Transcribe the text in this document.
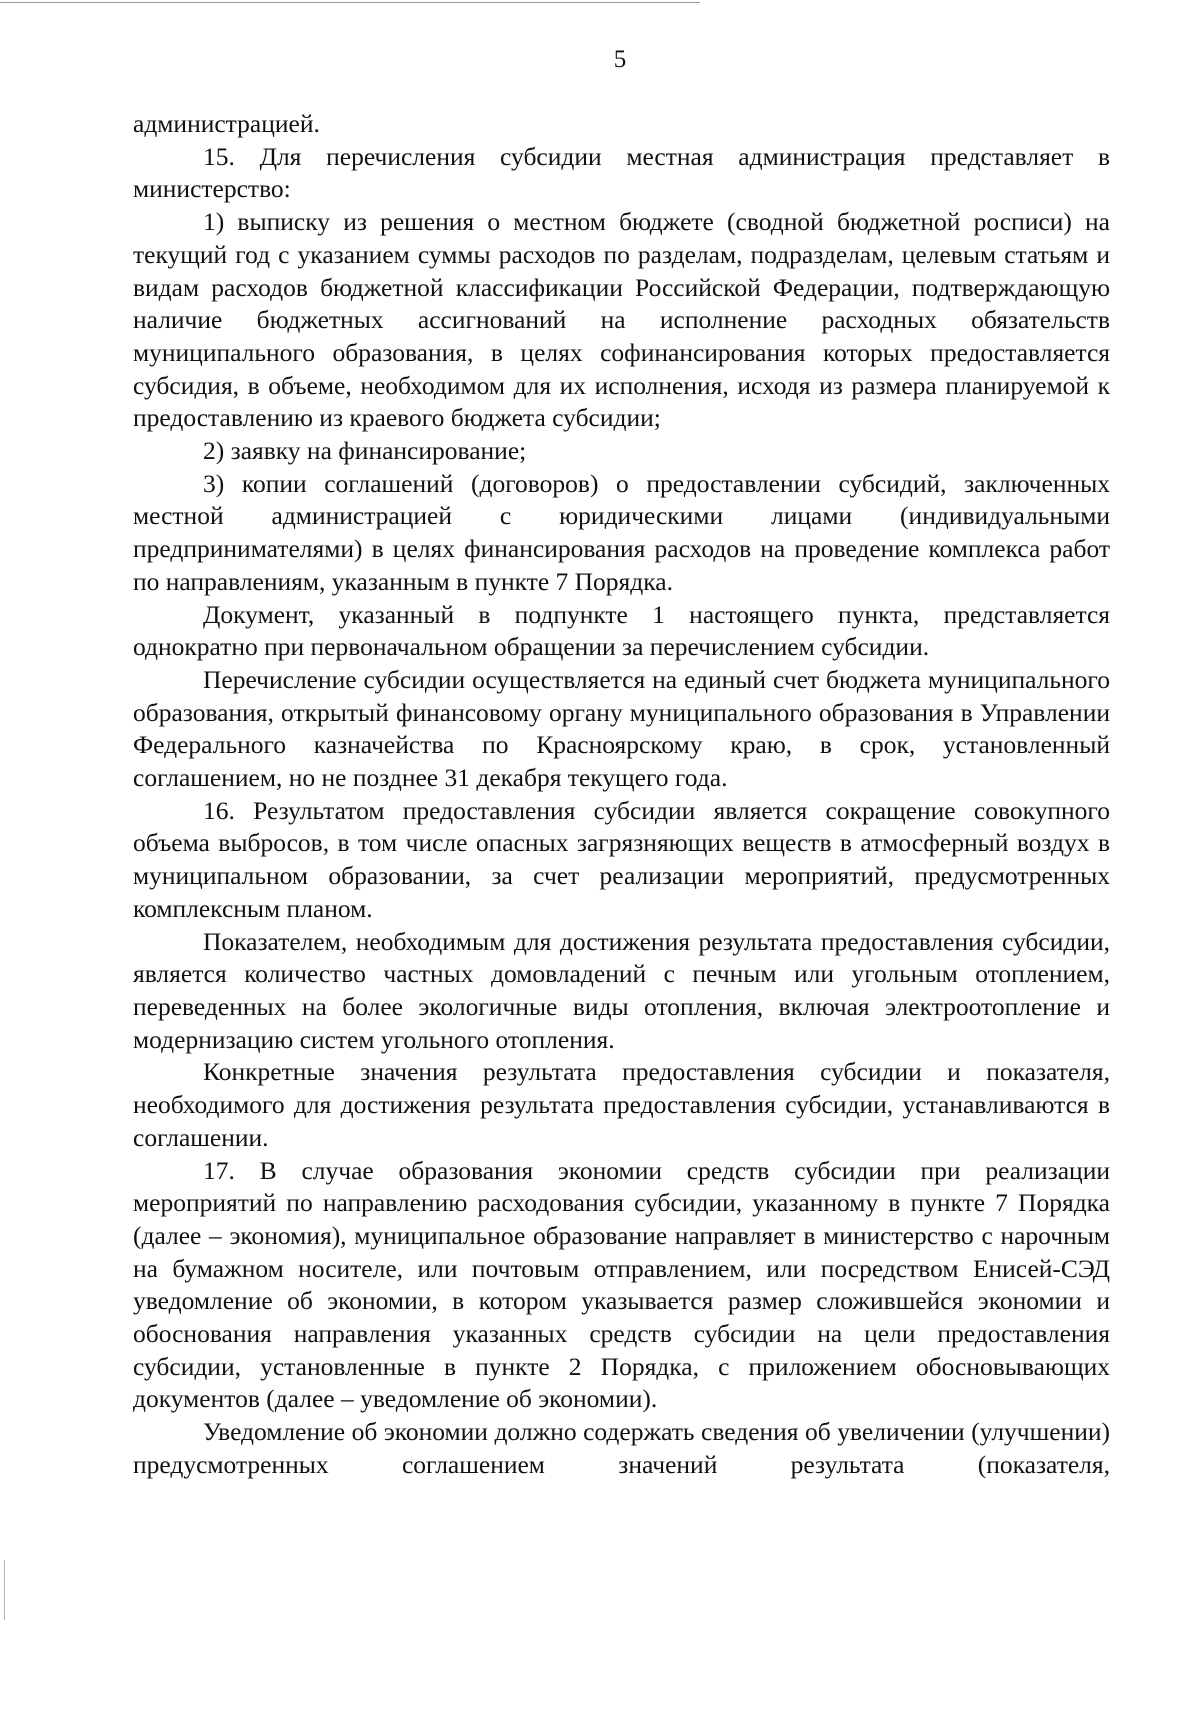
5

администрацией.

15. Для перечисления субсидии местная администрация представляет в министерство:

1) выписку из решения о местном бюджете (сводной бюджетной росписи) на текущий год с указанием суммы расходов по разделам, подразделам, целевым статьям и видам расходов бюджетной классификации Российской Федерации, подтверждающую наличие бюджетных ассигнований на исполнение расходных обязательств муниципального образования, в целях софинансирования которых предоставляется субсидия, в объеме, необходимом для их исполнения, исходя из размера планируемой к предоставлению из краевого бюджета субсидии;

2) заявку на финансирование;

3) копии соглашений (договоров) о предоставлении субсидий, заключенных местной администрацией с юридическими лицами (индивидуальными предпринимателями) в целях финансирования расходов на проведение комплекса работ по направлениям, указанным в пункте 7 Порядка.

Документ, указанный в подпункте 1 настоящего пункта, представляется однократно при первоначальном обращении за перечислением субсидии.

Перечисление субсидии осуществляется на единый счет бюджета муниципального образования, открытый финансовому органу муниципального образования в Управлении Федерального казначейства по Красноярскому краю, в срок, установленный соглашением, но не позднее 31 декабря текущего года.

16. Результатом предоставления субсидии является сокращение совокупного объема выбросов, в том числе опасных загрязняющих веществ в атмосферный воздух в муниципальном образовании, за счет реализации мероприятий, предусмотренных комплексным планом.

Показателем, необходимым для достижения результата предоставления субсидии, является количество частных домовладений с печным или угольным отоплением, переведенных на более экологичные виды отопления, включая электроотопление и модернизацию систем угольного отопления.

Конкретные значения результата предоставления субсидии и показателя, необходимого для достижения результата предоставления субсидии, устанавливаются в соглашении.

17. В случае образования экономии средств субсидии при реализации мероприятий по направлению расходования субсидии, указанному в пункте 7 Порядка (далее – экономия), муниципальное образование направляет в министерство с нарочным на бумажном носителе, или почтовым отправлением, или посредством Енисей-СЭД уведомление об экономии, в котором указывается размер сложившейся экономии и обоснования направления указанных средств субсидии на цели предоставления субсидии, установленные в пункте 2 Порядка, с приложением обосновывающих документов (далее – уведомление об экономии).

Уведомление об экономии должно содержать сведения об увеличении (улучшении) предусмотренных соглашением значений результата (показателя,
